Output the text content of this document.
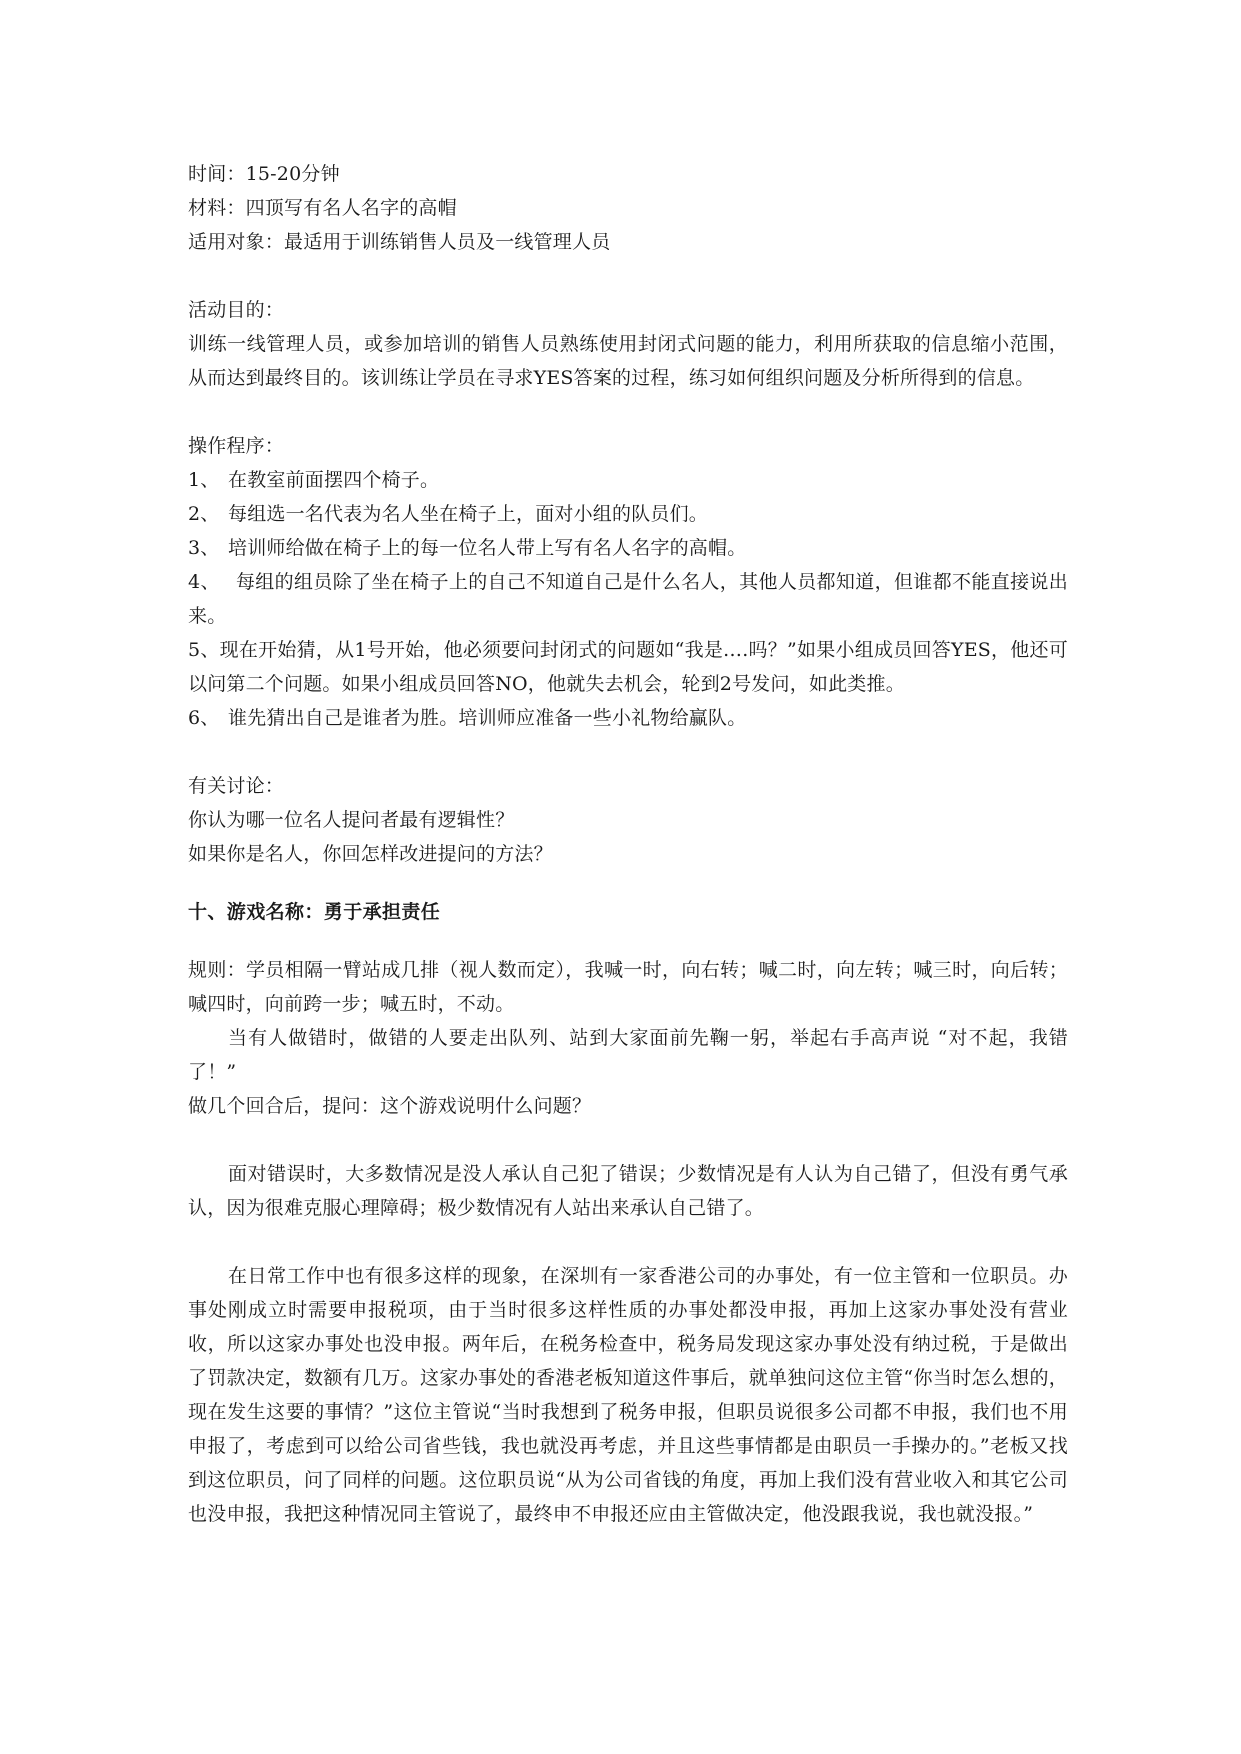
时间：15-20分钟
材料：四顶写有名人名字的高帽
适用对象：最适用于训练销售人员及一线管理人员
活动目的：
训练一线管理人员，或参加培训的销售人员熟练使用封闭式问题的能力，利用所获取的信息缩小范围，从而达到最终目的。该训练让学员在寻求YES答案的过程，练习如何组织问题及分析所得到的信息。
操作程序：
1、 在教室前面摆四个椅子。
2、 每组选一名代表为名人坐在椅子上，面对小组的队员们。
3、 培训师给做在椅子上的每一位名人带上写有名人名字的高帽。
4、 每组的组员除了坐在椅子上的自己不知道自己是什么名人，其他人员都知道，但谁都不能直接说出来。
5、现在开始猜，从1号开始，他必须要问封闭式的问题如“我是….吗？”如果小组成员回答YES，他还可以问第二个问题。如果小组成员回答NO，他就失去机会，轮到2号发问，如此类推。
6、 谁先猜出自己是谁者为胜。培训师应准备一些小礼物给赢队。
有关讨论：
你认为哪一位名人提问者最有逻辑性？
如果你是名人，你回怎样改进提问的方法？
十、游戏名称：勇于承担责任
规则：学员相隔一臂站成几排（视人数而定），我喊一时，向右转；喊二时，向左转；喊三时，向后转；喊四时，向前跨一步；喊五时，不动。
当有人做错时，做错的人要走出队列、站到大家面前先鞠一躬，举起右手高声说 “对不起，我错了！”
做几个回合后，提问：这个游戏说明什么问题？
面对错误时，大多数情况是没人承认自己犯了错误；少数情况是有人认为自己错了，但没有勇气承认，因为很难克服心理障碍；极少数情况有人站出来承认自己错了。
在日常工作中也有很多这样的现象，在深圳有一家香港公司的办事处，有一位主管和一位职员。办事处刚成立时需要申报税项，由于当时很多这样性质的办事处都没申报，再加上这家办事处没有营业收，所以这家办事处也没申报。两年后，在税务检查中，税务局发现这家办事处没有纳过税，于是做出了罚款决定，数额有几万。这家办事处的香港老板知道这件事后，就单独问这位主管“你当时怎么想的，现在发生这要的事情？”这位主管说“当时我想到了税务申报，但职员说很多公司都不申报，我们也不用申报了，考虑到可以给公司省些钱，我也就没再考虑，并且这些事情都是由职员一手操办的。”老板又找到这位职员，问了同样的问题。这位职员说“从为公司省钱的角度，再加上我们没有营业收入和其它公司也没申报，我把这种情况同主管说了，最终申不申报还应由主管做决定，他没跟我说，我也就没报。”
